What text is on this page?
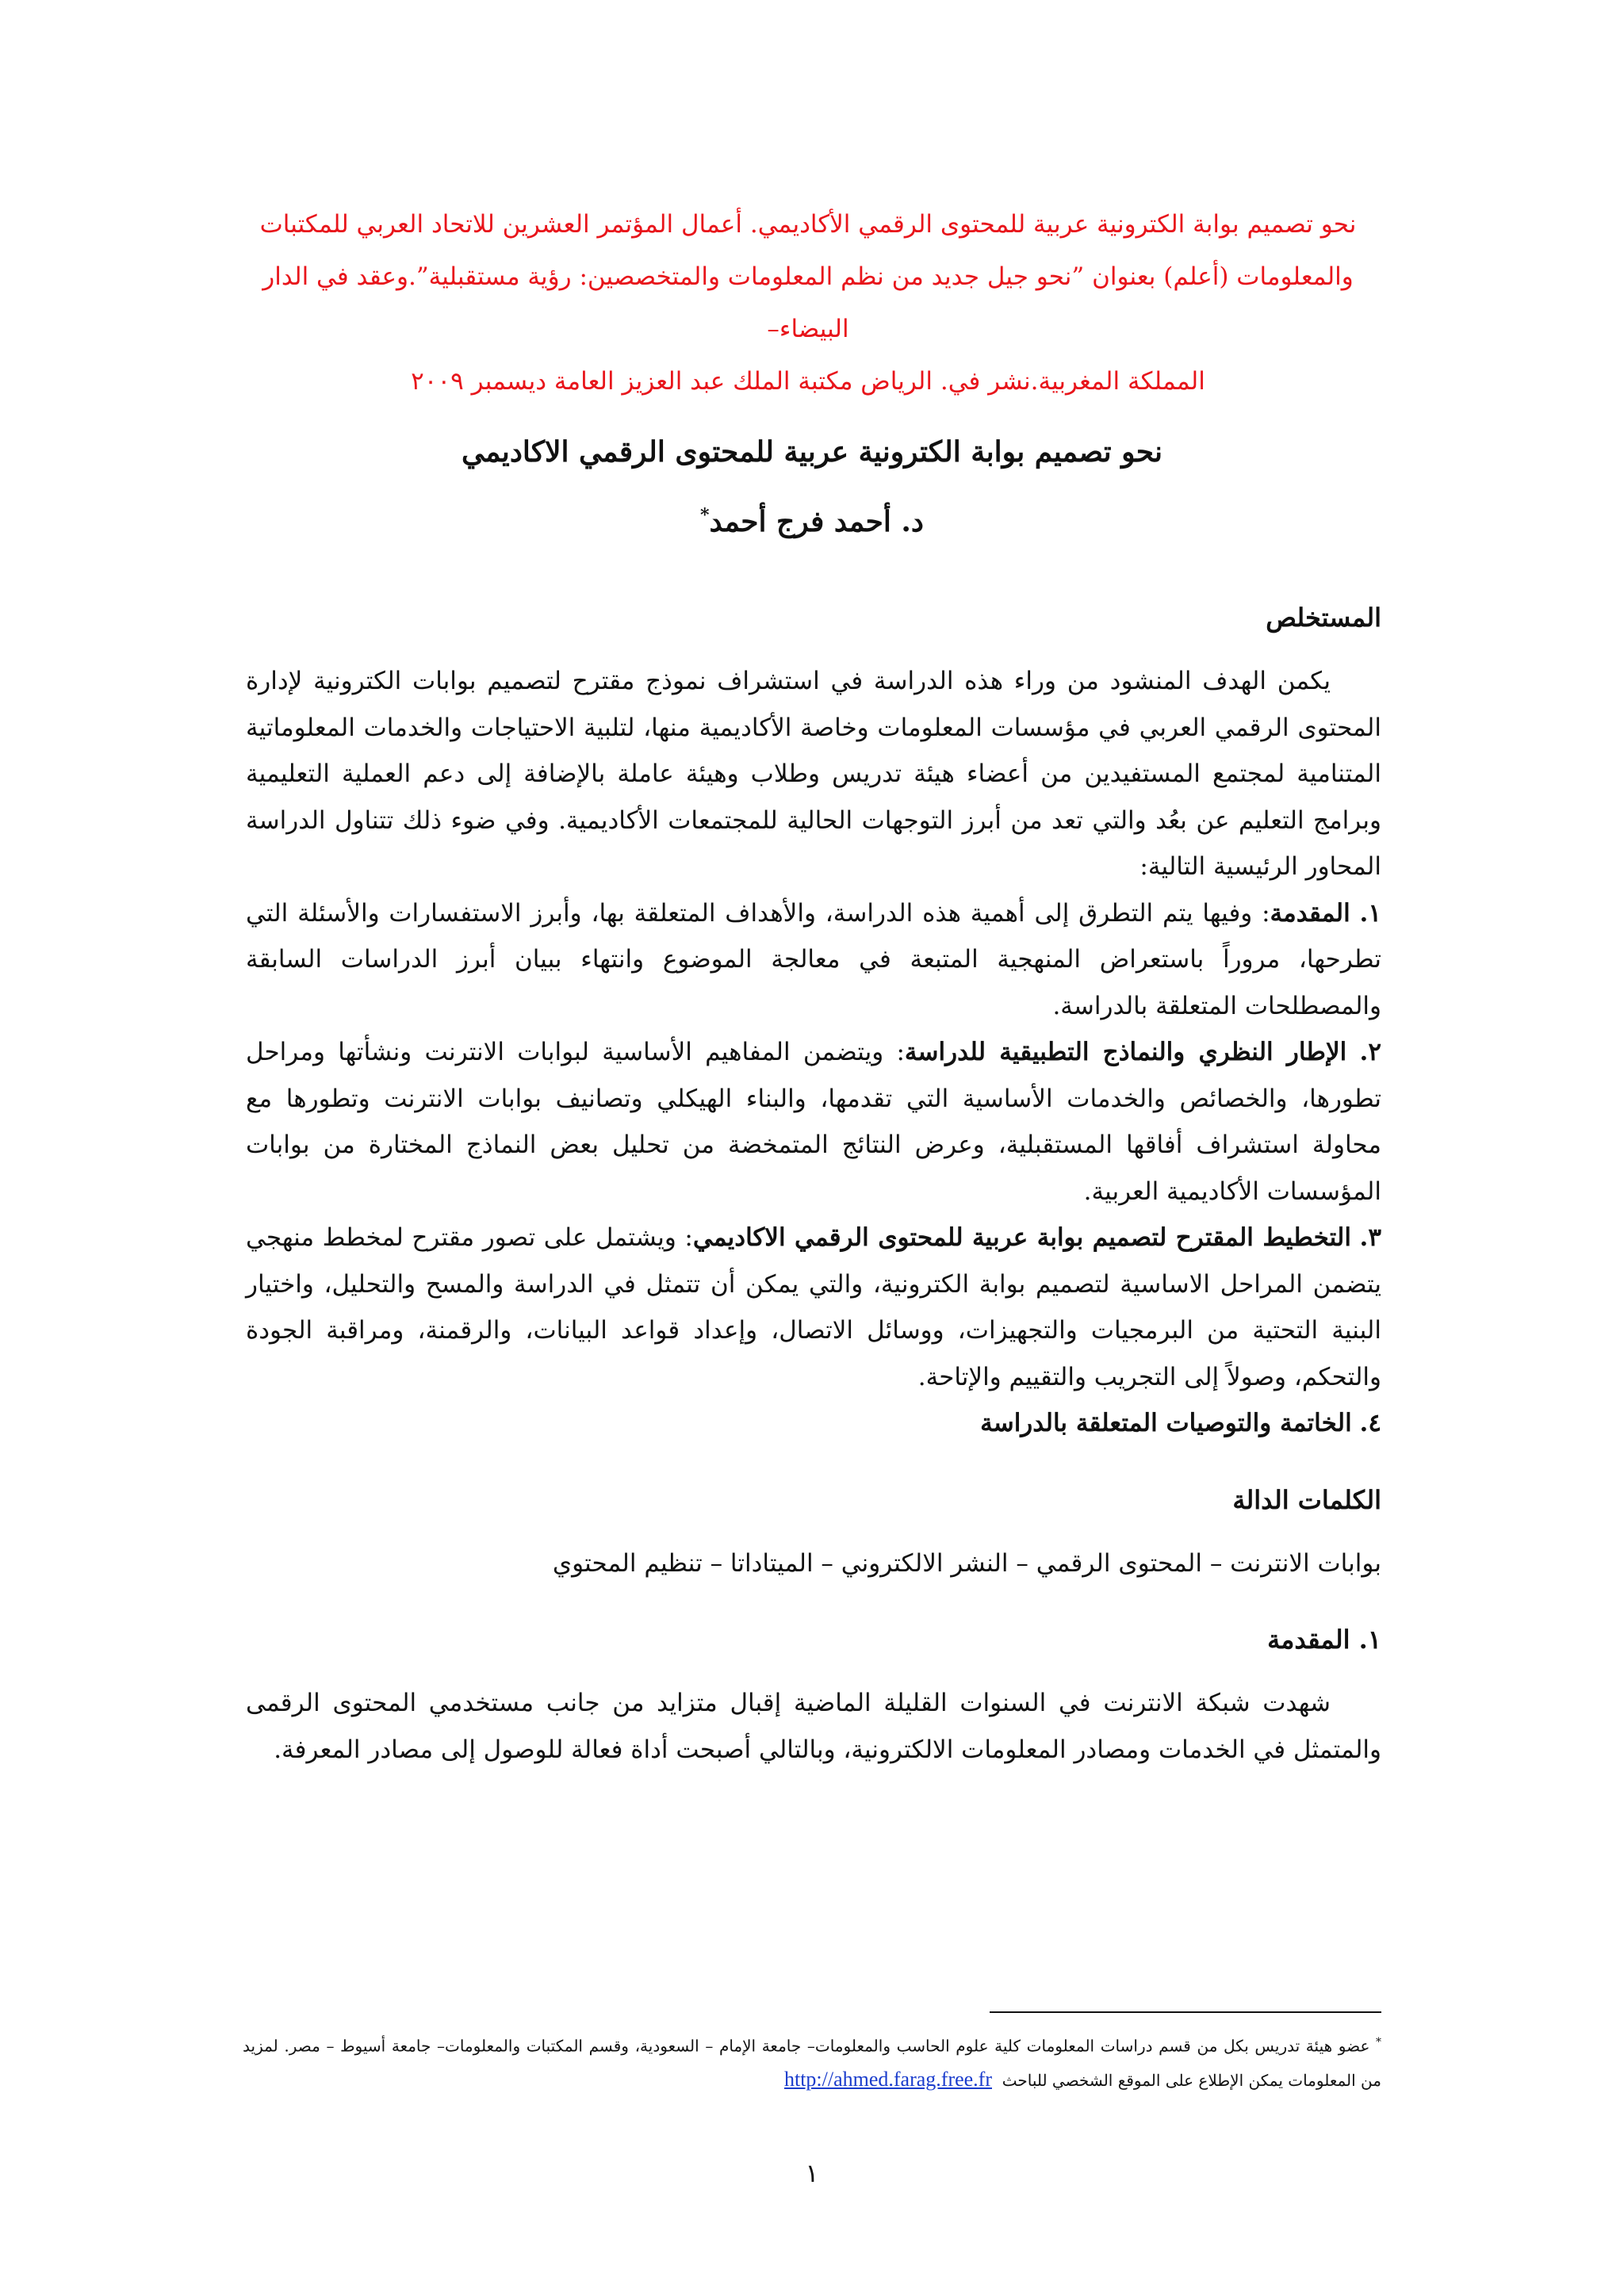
نحو تصميم بوابة الكترونية عربية للمحتوى الرقمي الأكاديمي. أعمال المؤتمر العشرين للاتحاد العربي للمكتبات

والمعلومات (أعلم) بعنوان ”نحو جيل جديد من نظم المعلومات والمتخصصين: رؤية مستقبلية”.وعقد في الدار البيضاء–

المملكة المغربية.نشر في. الرياض مكتبة الملك عبد العزيز العامة ديسمبر ٢٠٠٩

نحو تصميم بوابة الكترونية عربية للمحتوى الرقمي الاكاديمي

د. أحمد فرج أحمد*

المستخلص

يكمن الهدف المنشود من وراء هذه الدراسة في استشراف نموذج مقترح لتصميم بوابات الكترونية لإدارة المحتوى الرقمي العربي في مؤسسات المعلومات وخاصة الأكاديمية منها، لتلبية الاحتياجات والخدمات المعلوماتية المتنامية لمجتمع المستفيدين من أعضاء هيئة تدريس وطلاب وهيئة عاملة بالإضافة إلى دعم العملية التعليمية وبرامج التعليم عن بعُد والتي تعد من أبرز التوجهات الحالية للمجتمعات الأكاديمية. وفي ضوء ذلك تتناول الدراسة المحاور الرئيسية التالية:

١. المقدمة: وفيها يتم التطرق إلى أهمية هذه الدراسة، والأهداف المتعلقة بها، وأبرز الاستفسارات والأسئلة التي تطرحها، مروراً باستعراض المنهجية المتبعة في معالجة الموضوع وانتهاء ببيان أبرز الدراسات السابقة والمصطلحات المتعلقة بالدراسة.

٢. الإطار النظري والنماذج التطبيقية للدراسة: ويتضمن المفاهيم الأساسية لبوابات الانترنت ونشأتها ومراحل تطورها، والخصائص والخدمات الأساسية التي تقدمها، والبناء الهيكلي وتصانيف بوابات الانترنت وتطورها مع محاولة استشراف أفاقها المستقبلية، وعرض النتائج المتمخضة من تحليل بعض النماذج المختارة من بوابات المؤسسات الأكاديمية العربية.

٣. التخطيط المقترح لتصميم بوابة عربية للمحتوى الرقمي الاكاديمي: ويشتمل على تصور مقترح لمخطط منهجي يتضمن المراحل الاساسية لتصميم بوابة الكترونية، والتي يمكن أن تتمثل في الدراسة والمسح والتحليل، واختيار البنية التحتية من البرمجيات والتجهيزات، ووسائل الاتصال، وإعداد قواعد البيانات، والرقمنة، ومراقبة الجودة والتحكم، وصولاً إلى التجريب والتقييم والإتاحة.

٤. الخاتمة والتوصيات المتعلقة بالدراسة

الكلمات الدالة

بوابات الانترنت – المحتوى الرقمي – النشر الالكتروني – الميتاداتا – تنظيم المحتوي

١. المقدمة

شهدت شبكة الانترنت في السنوات القليلة الماضية إقبال متزايد من جانب مستخدمي المحتوى الرقمى والمتمثل في الخدمات ومصادر المعلومات الالكترونية، وبالتالي أصبحت أداة فعالة للوصول إلى مصادر المعرفة.

* عضو هيئة تدريس بكل من قسم دراسات المعلومات كلية علوم الحاسب والمعلومات– جامعة الإمام – السعودية، وقسم المكتبات والمعلومات– جامعة أسيوط – مصر. لمزيد من المعلومات يمكن الإطلاع على الموقع الشخصي للباحث  http://ahmed.farag.free.fr

١
